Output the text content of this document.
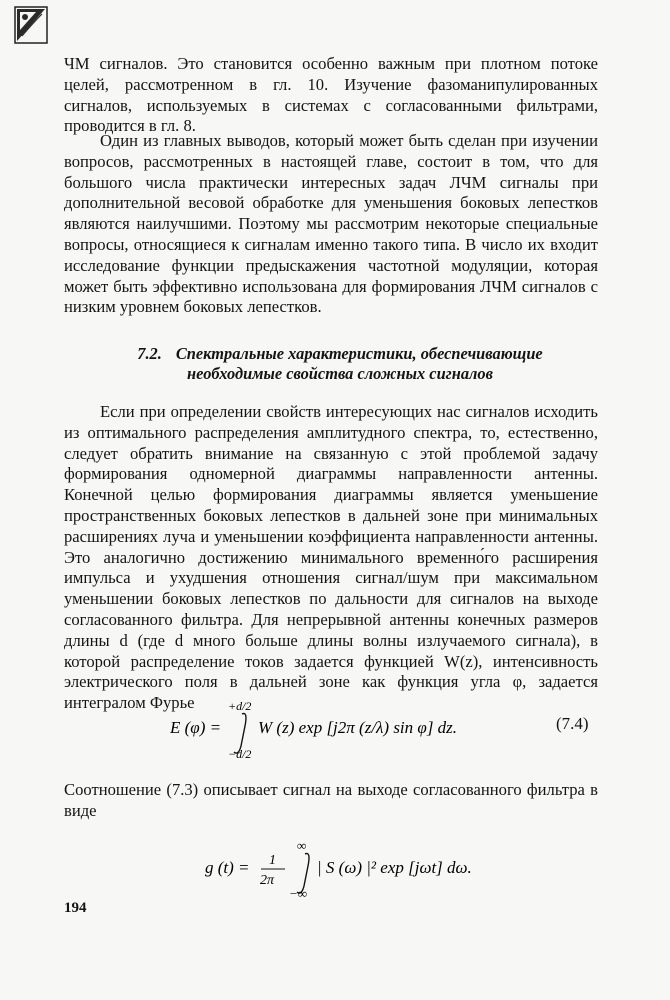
ЧМ сигналов. Это становится особенно важным при плотном потоке целей, рассмотренном в гл. 10. Изучение фазоманипулированных сигналов, используемых в системах с согласованными фильтрами, проводится в гл. 8.

Один из главных выводов, который может быть сделан при изучении вопросов, рассмотренных в настоящей главе, состоит в том, что для большого числа практически интересных задач ЛЧМ сигналы при дополнительной весовой обработке для уменьшения боковых лепестков являются наилучшими. Поэтому мы рассмотрим некоторые специальные вопросы, относящиеся к сигналам именно такого типа. В число их входит исследование функции предыскажения частотной модуляции, которая может быть эффективно использована для формирования ЛЧМ сигналов с низким уровнем боковых лепестков.

7.2. Спектральные характеристики, обеспечивающие
необходимые свойства сложных сигналов

Если при определении свойств интересующих нас сигналов исходить из оптимального распределения амплитудного спектра, то, естественно, следует обратить внимание на связанную с этой проблемой задачу формирования одномерной диаграммы направленности антенны. Конечной целью формирования диаграммы является уменьшение пространственных боковых лепестков в дальней зоне при минимальных расширениях луча и уменьшении коэффициента направленности антенны. Это аналогично достижению минимального временно́го расширения импульса и ухудшения отношения сигнал/шум при максимальном уменьшении боковых лепестков по дальности для сигналов на выходе согласованного фильтра. Для непрерывной антенны конечных размеров длины d (где d много больше длины волны излучаемого сигнала), в которой распределение токов задается функцией W(z), интенсивность электрического поля в дальней зоне как функция угла φ, задается интегралом Фурье

E (φ) =
+d/2
−d/2
W (z) exp [j2π (z/λ) sin φ] dz.	(7.4)

Соотношение (7.3) описывает сигнал на выходе согласованного фильтра в виде

g (t) = 1
2π
∞
−∞
| S (ω) |² exp [jωt] dω.
194
